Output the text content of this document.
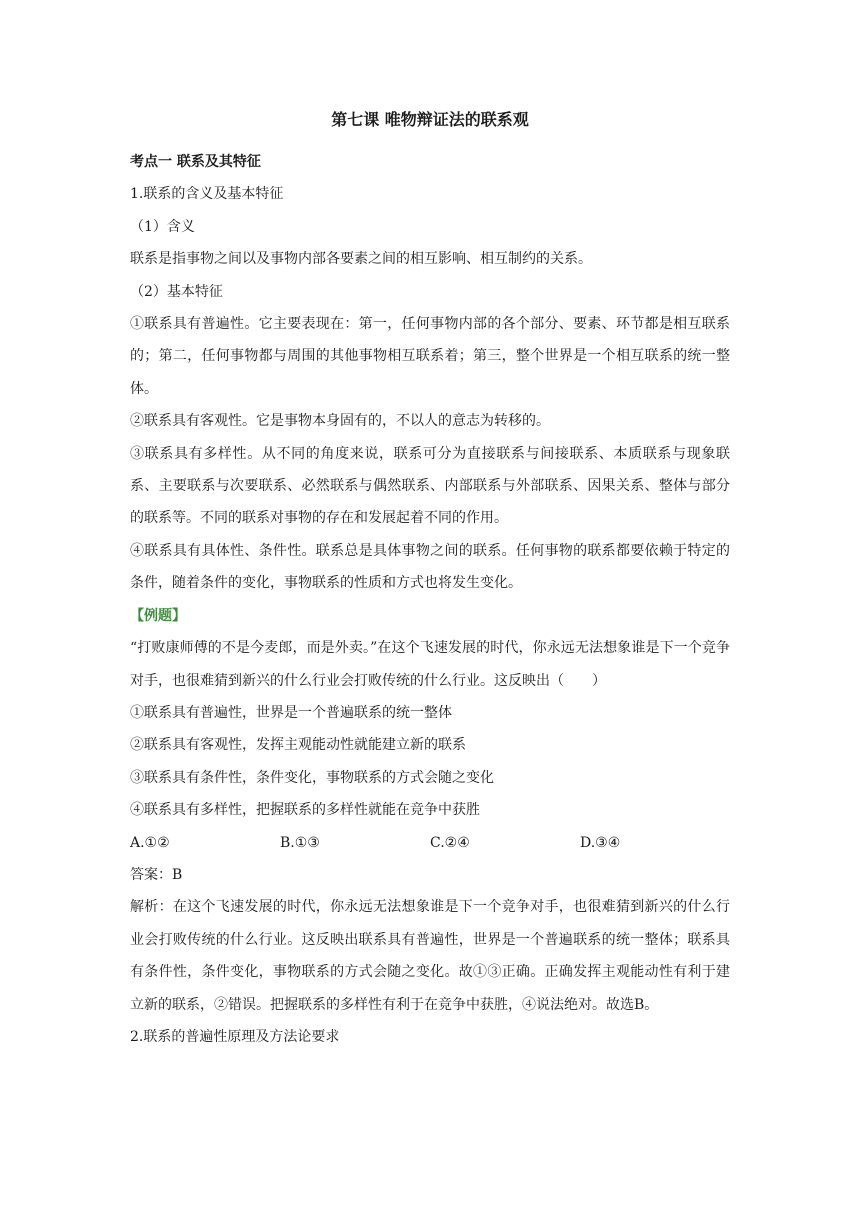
第七课 唯物辩证法的联系观

考点一 联系及其特征

1.联系的含义及基本特征

（1）含义

联系是指事物之间以及事物内部各要素之间的相互影响、相互制约的关系。

（2）基本特征

①联系具有普遍性。它主要表现在：第一，任何事物内部的各个部分、要素、环节都是相互联系的；第二，任何事物都与周围的其他事物相互联系着；第三，整个世界是一个相互联系的统一整体。

②联系具有客观性。它是事物本身固有的，不以人的意志为转移的。

③联系具有多样性。从不同的角度来说，联系可分为直接联系与间接联系、本质联系与现象联系、主要联系与次要联系、必然联系与偶然联系、内部联系与外部联系、因果关系、整体与部分的联系等。不同的联系对事物的存在和发展起着不同的作用。

④联系具有具体性、条件性。联系总是具体事物之间的联系。任何事物的联系都要依赖于特定的条件，随着条件的变化，事物联系的性质和方式也将发生变化。

【例题】

“打败康师傅的不是今麦郎，而是外卖。”在这个飞速发展的时代，你永远无法想象谁是下一个竞争对手，也很难猜到新兴的什么行业会打败传统的什么行业。这反映出（　　）

①联系具有普遍性，世界是一个普遍联系的统一整体

②联系具有客观性，发挥主观能动性就能建立新的联系

③联系具有条件性，条件变化，事物联系的方式会随之变化

④联系具有多样性，把握联系的多样性就能在竞争中获胜

A.①②	B.①③	C.②④	D.③④

答案：B

解析：在这个飞速发展的时代，你永远无法想象谁是下一个竞争对手，也很难猜到新兴的什么行业会打败传统的什么行业。这反映出联系具有普遍性，世界是一个普遍联系的统一整体；联系具有条件性，条件变化，事物联系的方式会随之变化。故①③正确。正确发挥主观能动性有利于建立新的联系，②错误。把握联系的多样性有利于在竞争中获胜，④说法绝对。故选B。

2.联系的普遍性原理及方法论要求
